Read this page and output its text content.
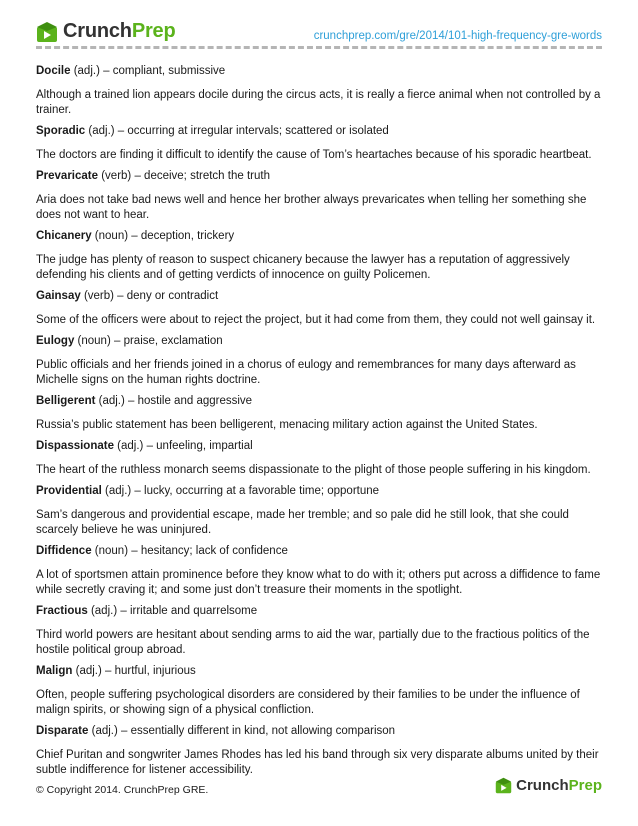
Crunch Prep	crunchprep.com/gre/2014/101-high-frequency-gre-words

Docile (adj.) – compliant, submissive

Although a trained lion appears docile during the circus acts, it is really a fierce animal when not controlled by a trainer.

Sporadic (adj.) – occurring at irregular intervals; scattered or isolated

The doctors are finding it difficult to identify the cause of Tom’s heartaches because of his sporadic heartbeat.

Prevaricate (verb) – deceive; stretch the truth

Aria does not take bad news well and hence her brother always prevaricates when telling her something she does not want to hear.

Chicanery (noun) – deception, trickery

The judge has plenty of reason to suspect chicanery because the lawyer has a reputation of aggressively defending his clients and of getting verdicts of innocence on guilty Policemen.

Gainsay (verb) – deny or contradict

Some of the officers were about to reject the project, but it had come from them, they could not well gainsay it.

Eulogy (noun) – praise, exclamation

Public officials and her friends joined in a chorus of eulogy and remembrances for many days afterward as Michelle signs on the human rights doctrine.

Belligerent (adj.) – hostile and aggressive

Russia’s public statement has been belligerent, menacing military action against the United States.

Dispassionate (adj.) – unfeeling, impartial

The heart of the ruthless monarch seems dispassionate to the plight of those people suffering in his kingdom.

Providential (adj.) – lucky, occurring at a favorable time; opportune

Sam’s dangerous and providential escape, made her tremble; and so pale did he still look, that she could scarcely believe he was uninjured.

Diffidence (noun) – hesitancy; lack of confidence

A lot of sportsmen attain prominence before they know what to do with it; others put across a diffidence to fame while secretly craving it; and some just don’t treasure their moments in the spotlight.

Fractious (adj.) – irritable and quarrelsome

Third world powers are hesitant about sending arms to aid the war, partially due to the fractious politics of the hostile political group abroad.

Malign (adj.) – hurtful, injurious

Often, people suffering psychological disorders are considered by their families to be under the influence of malign spirits, or showing sign of a physical confliction.

Disparate (adj.) – essentially different in kind, not allowing comparison

Chief Puritan and songwriter James Rhodes has led his band through six very disparate albums united by their subtle indifference for listener accessibility.

© Copyright 2014. CrunchPrep GRE.	Crunch Prep
